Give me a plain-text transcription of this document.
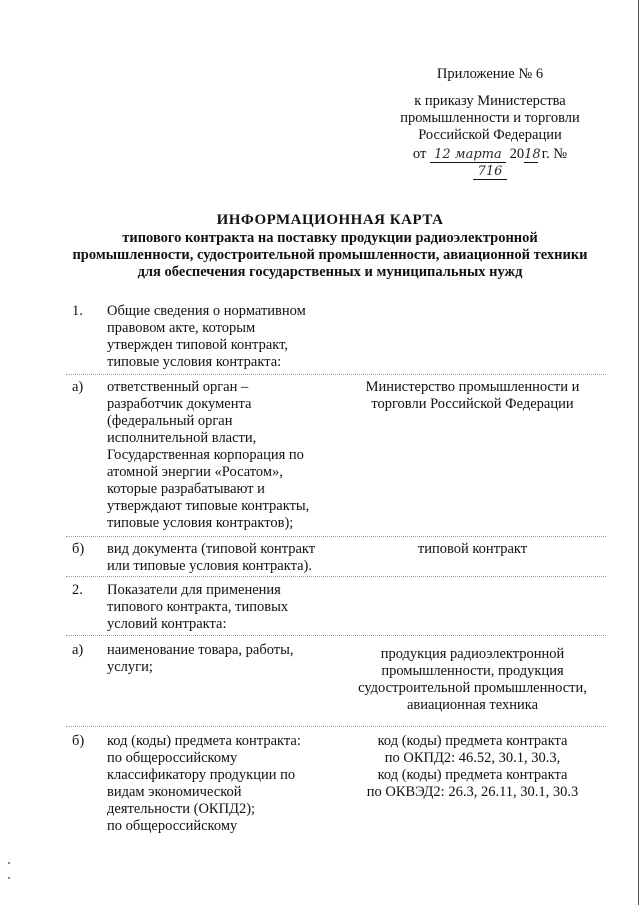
Приложение № 6
к приказу Министерства
промышленности и торговли
Российской Федерации
от 12 марта 2018 г. № 716
ИНФОРМАЦИОННАЯ КАРТА
типового контракта на поставку продукции радиоэлектронной
промышленности, судостроительной промышленности, авиационной техники
для обеспечения государственных и муниципальных нужд
1. Общие сведения о нормативном
правовом акте, которым
утвержден типовой контракт,
типовые условия контракта:
а) ответственный орган –
разработчик документа
(федеральный орган
исполнительной власти,
Государственная корпорация по
атомной энергии «Росатом»,
которые разрабатывают и
утверждают типовые контракты,
типовые условия контрактов);
Министерство промышленности и
торговли Российской Федерации
б) вид документа (типовой контракт
или типовые условия контракта).
типовой контракт
2. Показатели для применения
типового контракта, типовых
условий контракта:
а) наименование товара, работы,
услуги;
продукция радиоэлектронной
промышленности, продукция
судостроительной промышленности,
авиационная техника
б) код (коды) предмета контракта:
по общероссийскому
классификатору продукции по
видам экономической
деятельности (ОКПД2);
по общероссийскому
код (коды) предмета контракта
по ОКПД2: 46.52, 30.1, 30.3,
код (коды) предмета контракта
по ОКВЭД2: 26.3, 26.11, 30.1, 30.3
